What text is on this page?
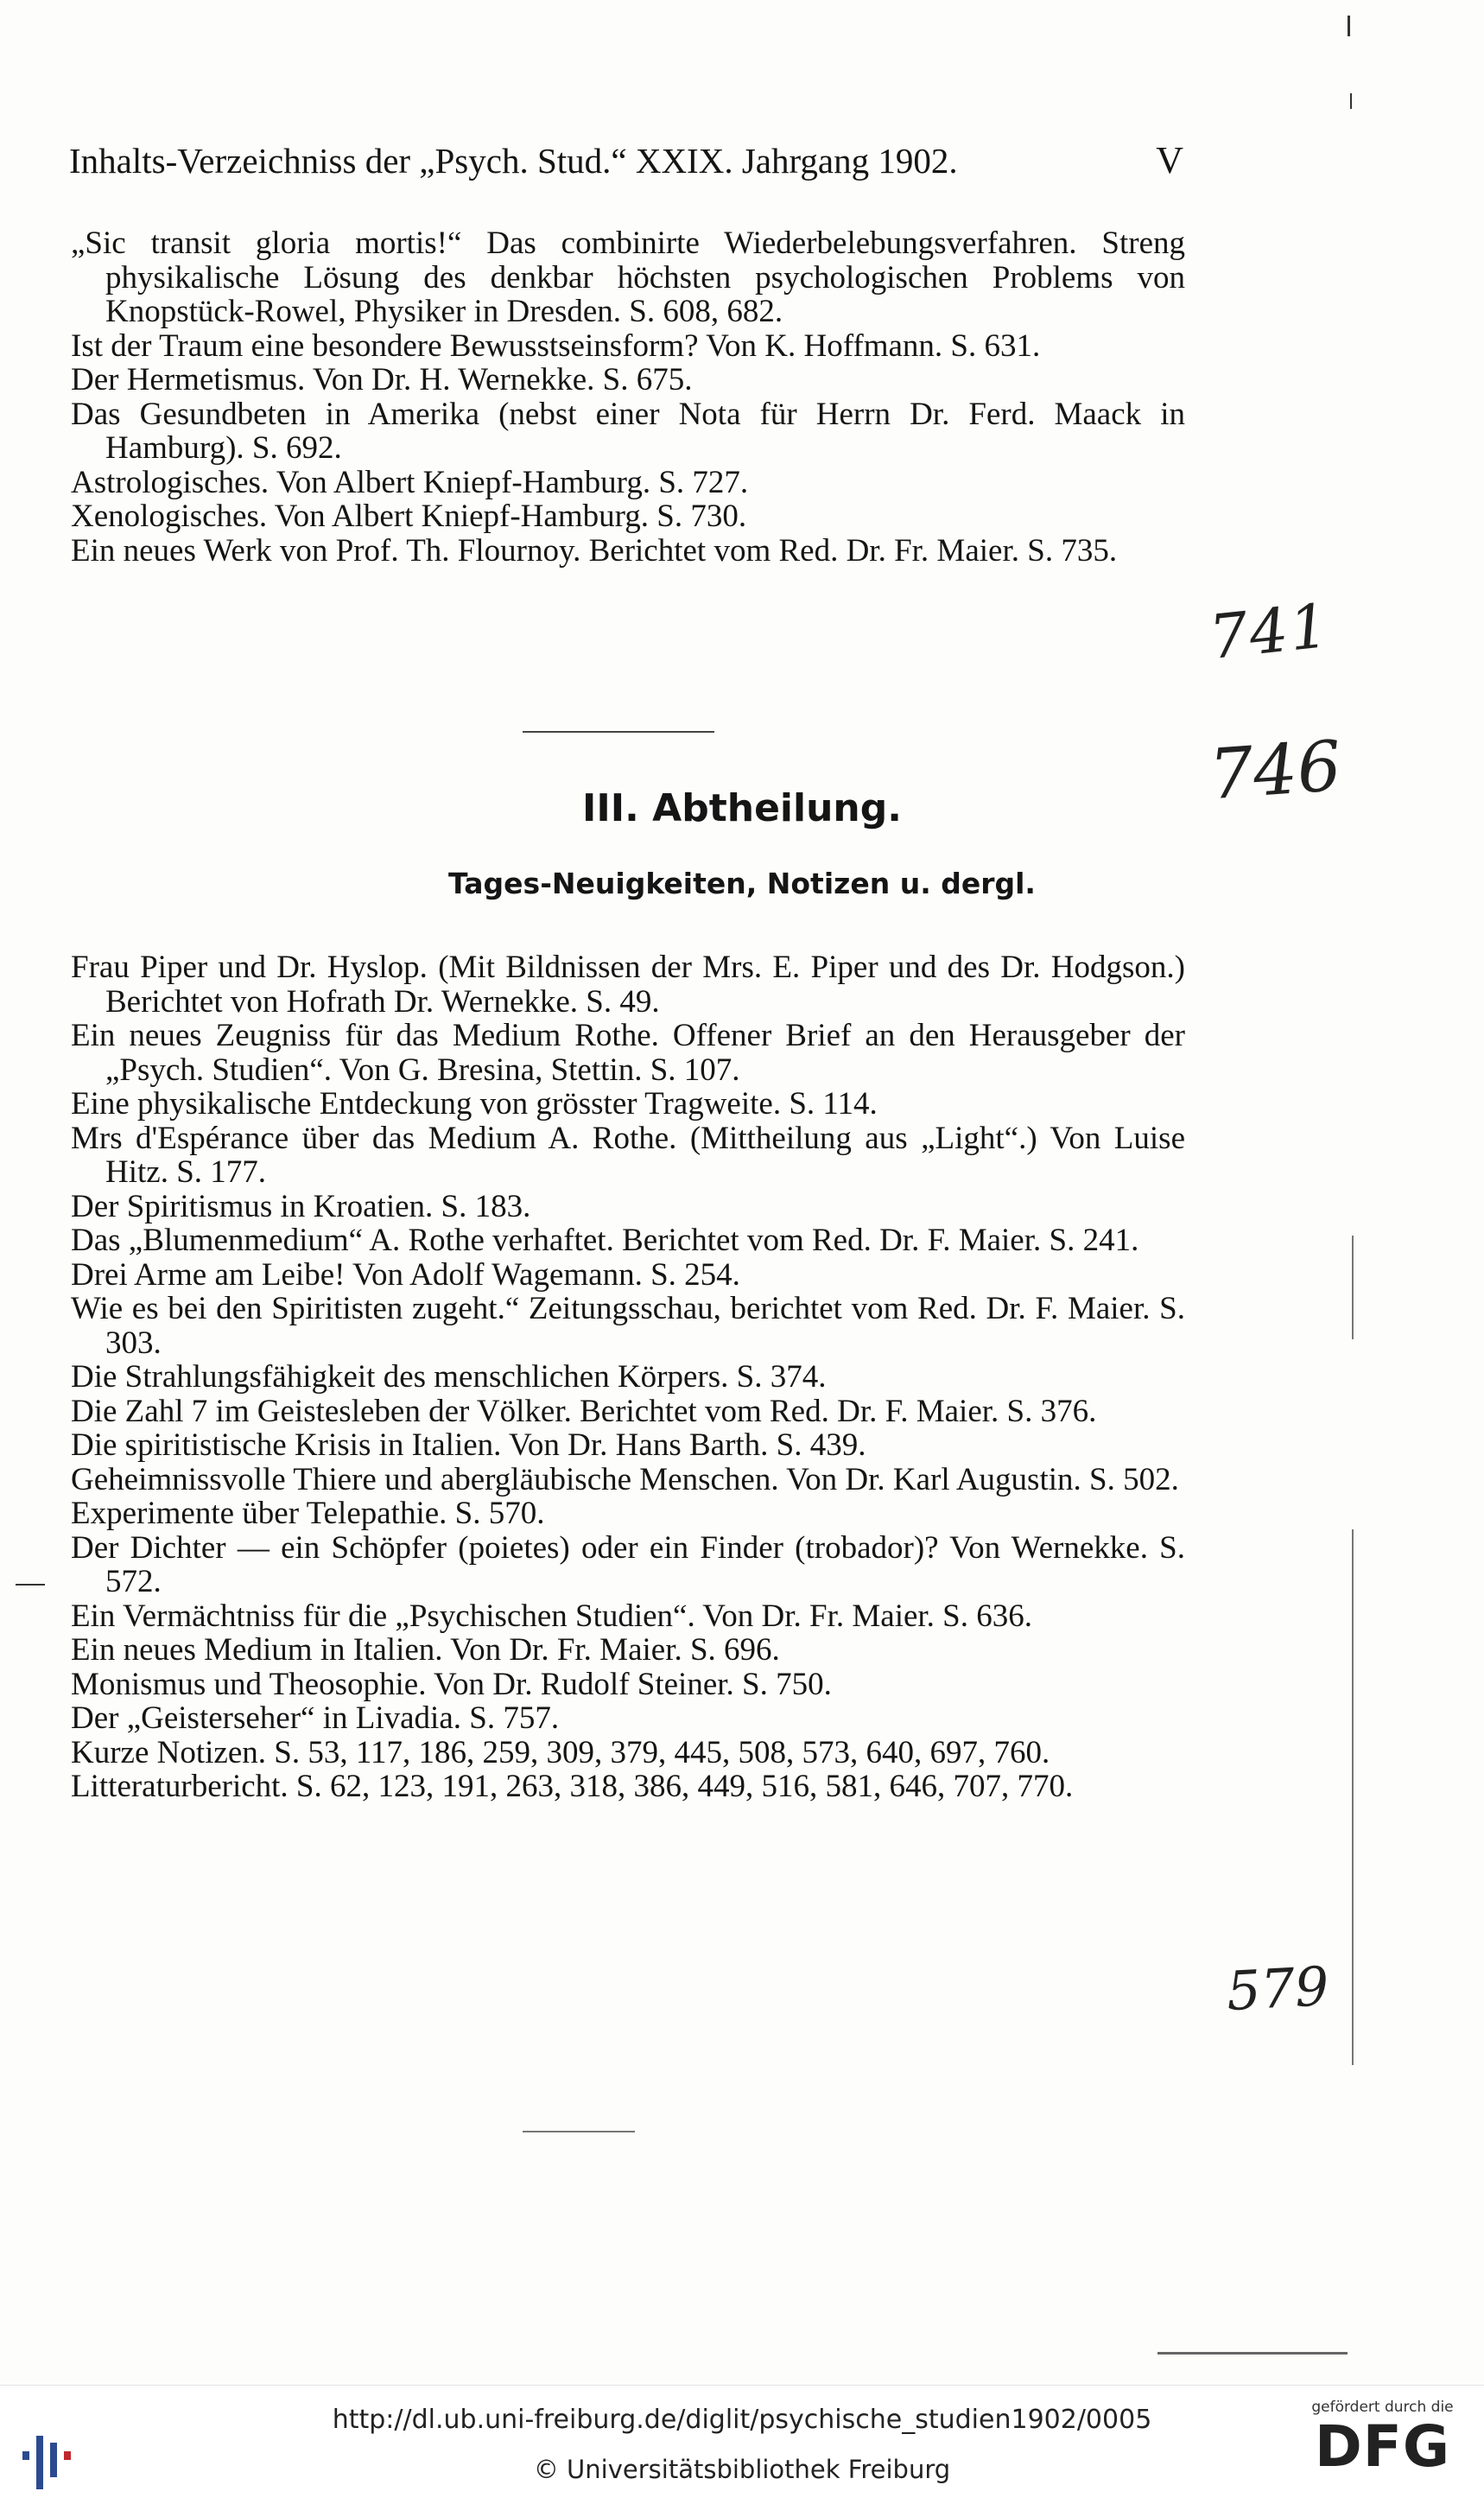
Inhalts-Verzeichniss der „Psych. Stud.“ XXIX. Jahrgang 1902.	V

„Sic transit gloria mortis!“ Das combinirte Wiederbelebungsverfahren. Streng physikalische Lösung des denkbar höchsten psychologischen Problems von Knopstück-Rowel, Physiker in Dresden. S. 608, 682.

Ist der Traum eine besondere Bewusstseinsform? Von K. Hoffmann. S. 631.

Der Hermetismus. Von Dr. H. Wernekke. S. 675.

Das Gesundbeten in Amerika (nebst einer Nota für Herrn Dr. Ferd. Maack in Hamburg). S. 692.

Astrologisches. Von Albert Kniepf-Hamburg. S. 727.

Xenologisches. Von Albert Kniepf-Hamburg. S. 730.

Ein neues Werk von Prof. Th. Flournoy. Berichtet vom Red. Dr. Fr. Maier. S. 735.

III. Abtheilung.
Tages-Neuigkeiten, Notizen u. dergl.

Frau Piper und Dr. Hyslop. (Mit Bildnissen der Mrs. E. Piper und des Dr. Hodgson.) Berichtet von Hofrath Dr. Wernekke. S. 49.

Ein neues Zeugniss für das Medium Rothe. Offener Brief an den Herausgeber der „Psych. Studien“. Von G. Bresina, Stettin. S. 107.

Eine physikalische Entdeckung von grösster Tragweite. S. 114.

Mrs d'Espérance über das Medium A. Rothe. (Mittheilung aus „Light“.) Von Luise Hitz. S. 177.

Der Spiritismus in Kroatien. S. 183.

Das „Blumenmedium“ A. Rothe verhaftet. Berichtet vom Red. Dr. F. Maier. S. 241.

Drei Arme am Leibe! Von Adolf Wagemann. S. 254.

Wie es bei den Spiritisten zugeht.“ Zeitungsschau, berichtet vom Red. Dr. F. Maier. S. 303.

Die Strahlungsfähigkeit des menschlichen Körpers. S. 374.

Die Zahl 7 im Geistesleben der Völker. Berichtet vom Red. Dr. F. Maier. S. 376.

Die spiritistische Krisis in Italien. Von Dr. Hans Barth. S. 439.

Geheimnissvolle Thiere und abergläubische Menschen. Von Dr. Karl Augustin. S. 502.

Experimente über Telepathie. S. 570.

Der Dichter — ein Schöpfer (poietes) oder ein Finder (trobador)? Von Wernekke. S. 572.

Ein Vermächtniss für die „Psychischen Studien“. Von Dr. Fr. Maier. S. 636.

Ein neues Medium in Italien. Von Dr. Fr. Maier. S. 696.

Monismus und Theosophie. Von Dr. Rudolf Steiner. S. 750.

Der „Geisterseher“ in Livadia. S. 757.

Kurze Notizen. S. 53, 117, 186, 259, 309, 379, 445, 508, 573, 640, 697, 760.

Litteraturbericht. S. 62, 123, 191, 263, 318, 386, 449, 516, 581, 646, 707, 770.

741
746
579
http://dl.ub.uni-freiburg.de/diglit/psychische_studien1902/0005
© Universitätsbibliothek Freiburg
gefördert durch die
DFG
